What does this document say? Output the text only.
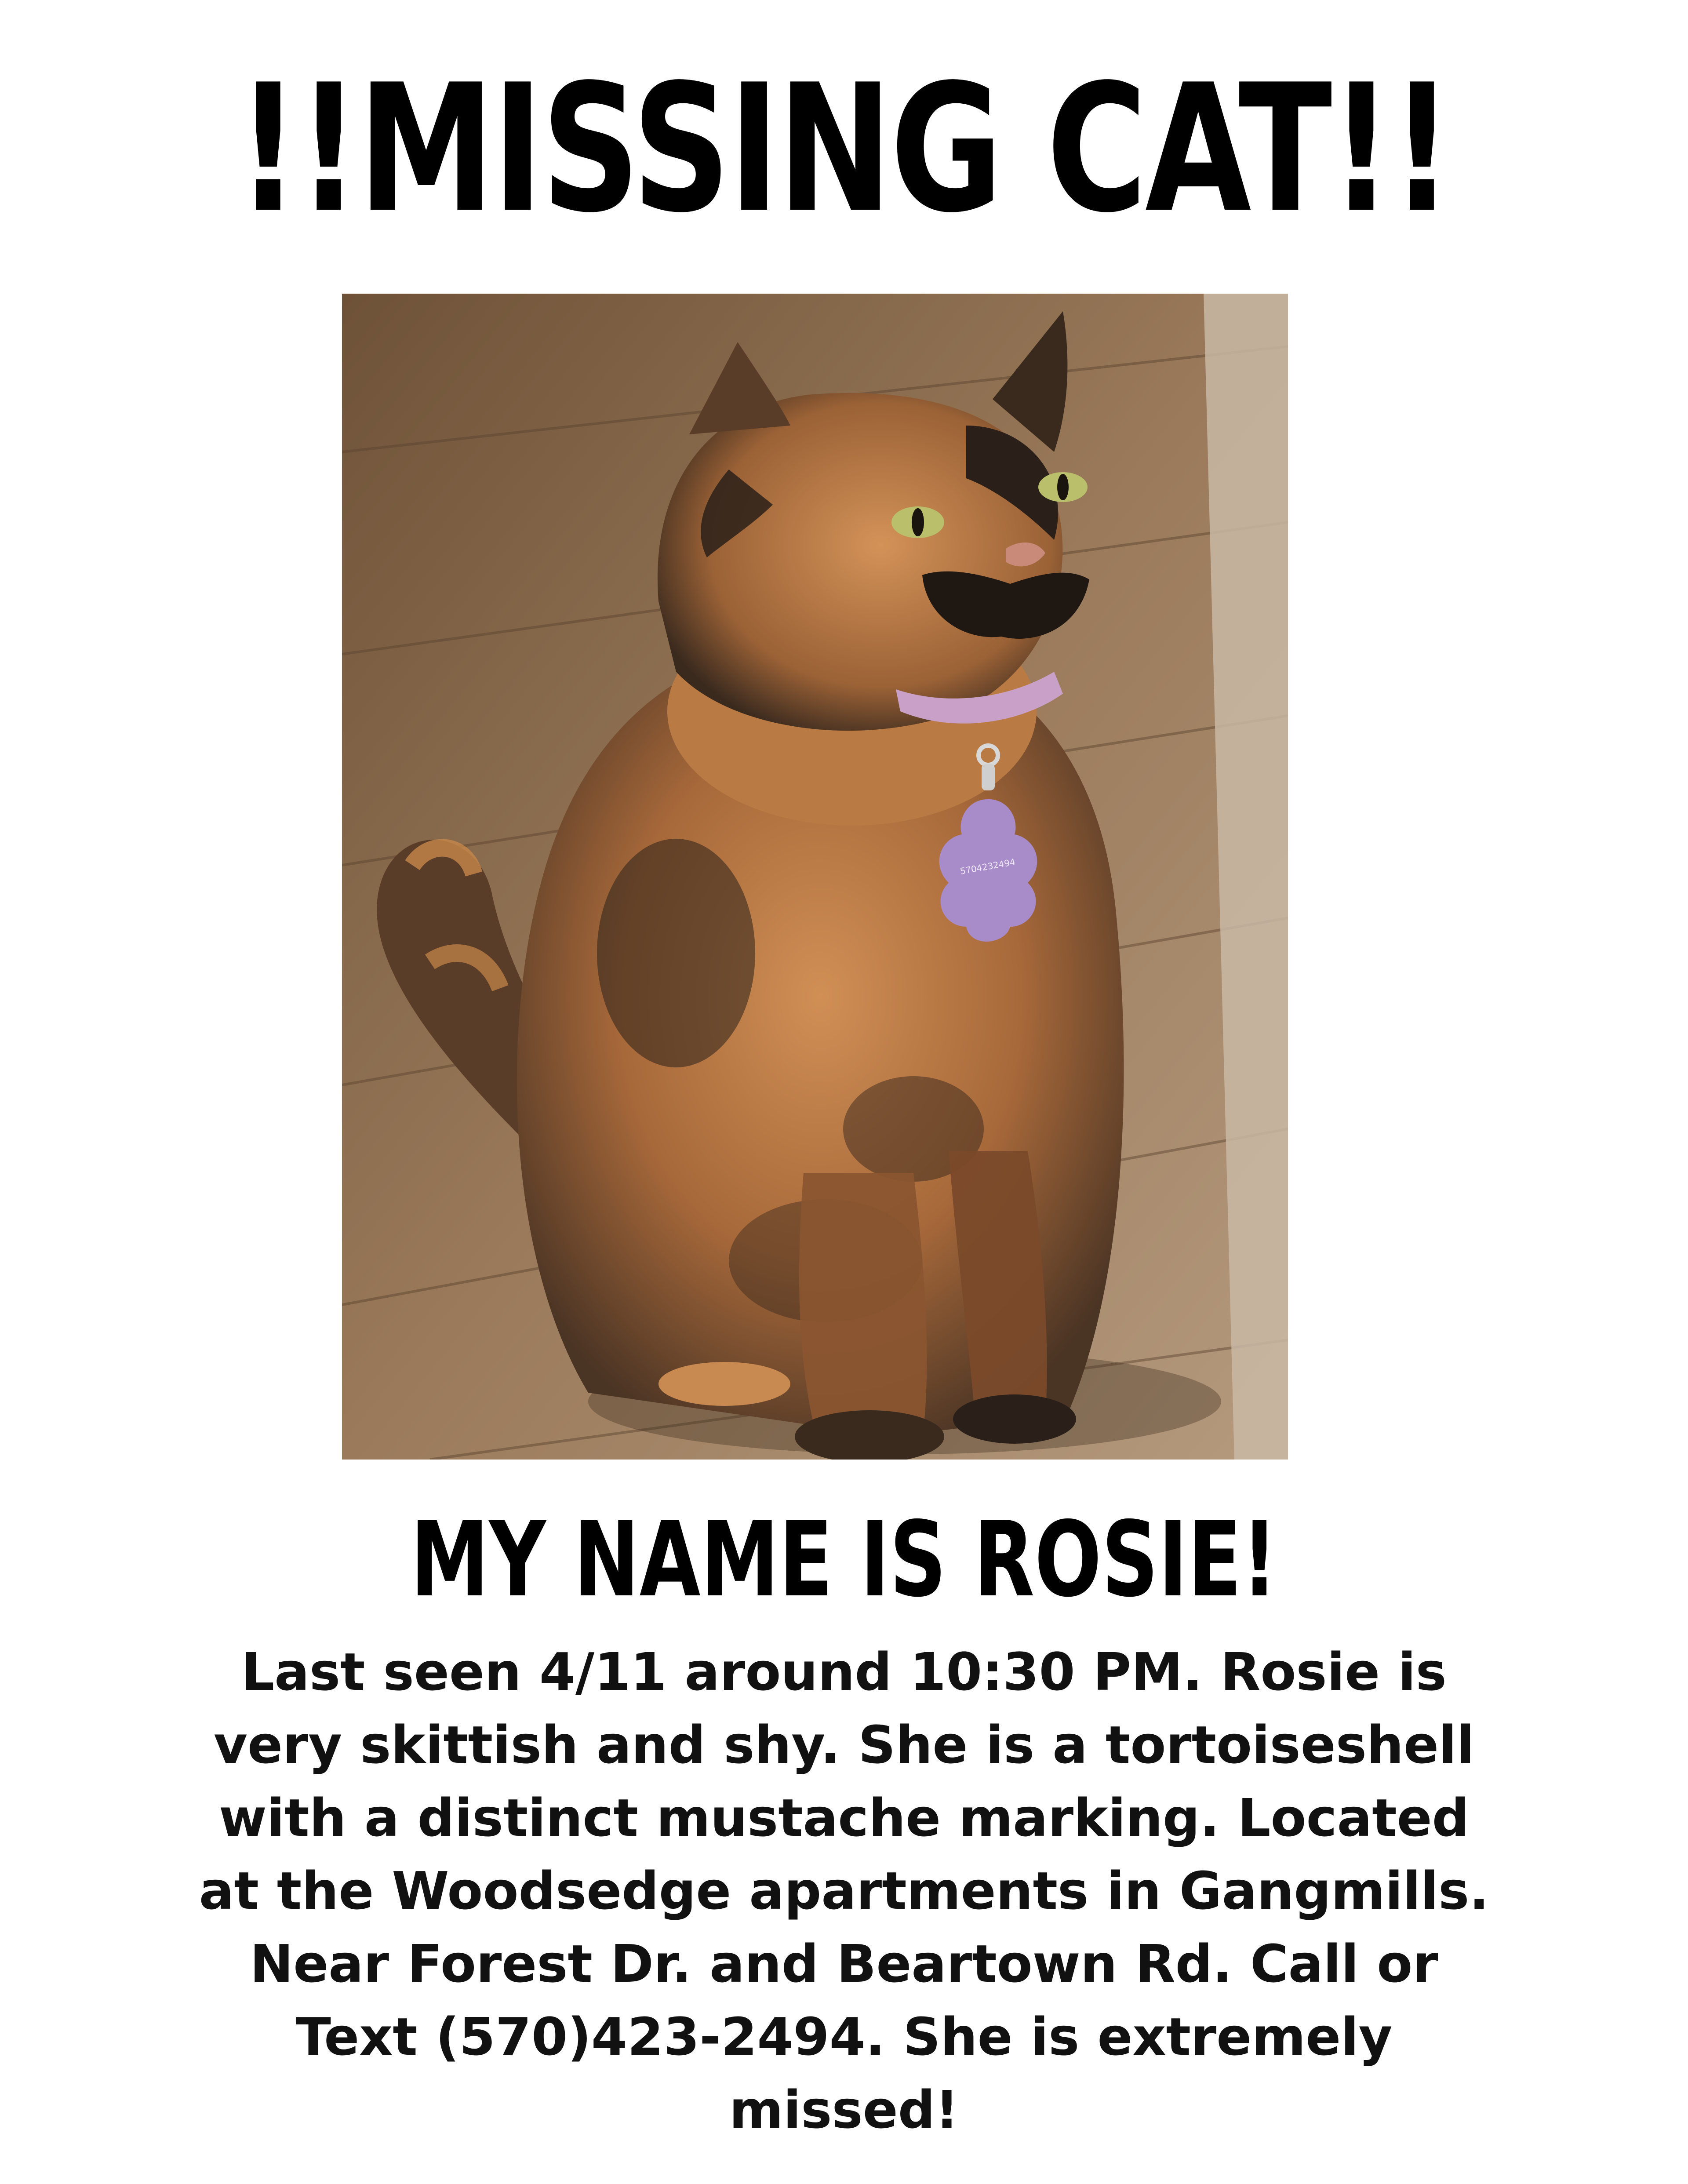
!!MISSING CAT!!
5704232494
MY NAME IS ROSIE!

Last seen 4/11 around 10:30 PM. Rosie is very skittish and shy. She is a tortoiseshell with a distinct mustache marking. Located at the Woodsedge apartments in Gangmills. Near Forest Dr. and Beartown Rd. Call or Text (570)423-2494. She is extremely missed!
